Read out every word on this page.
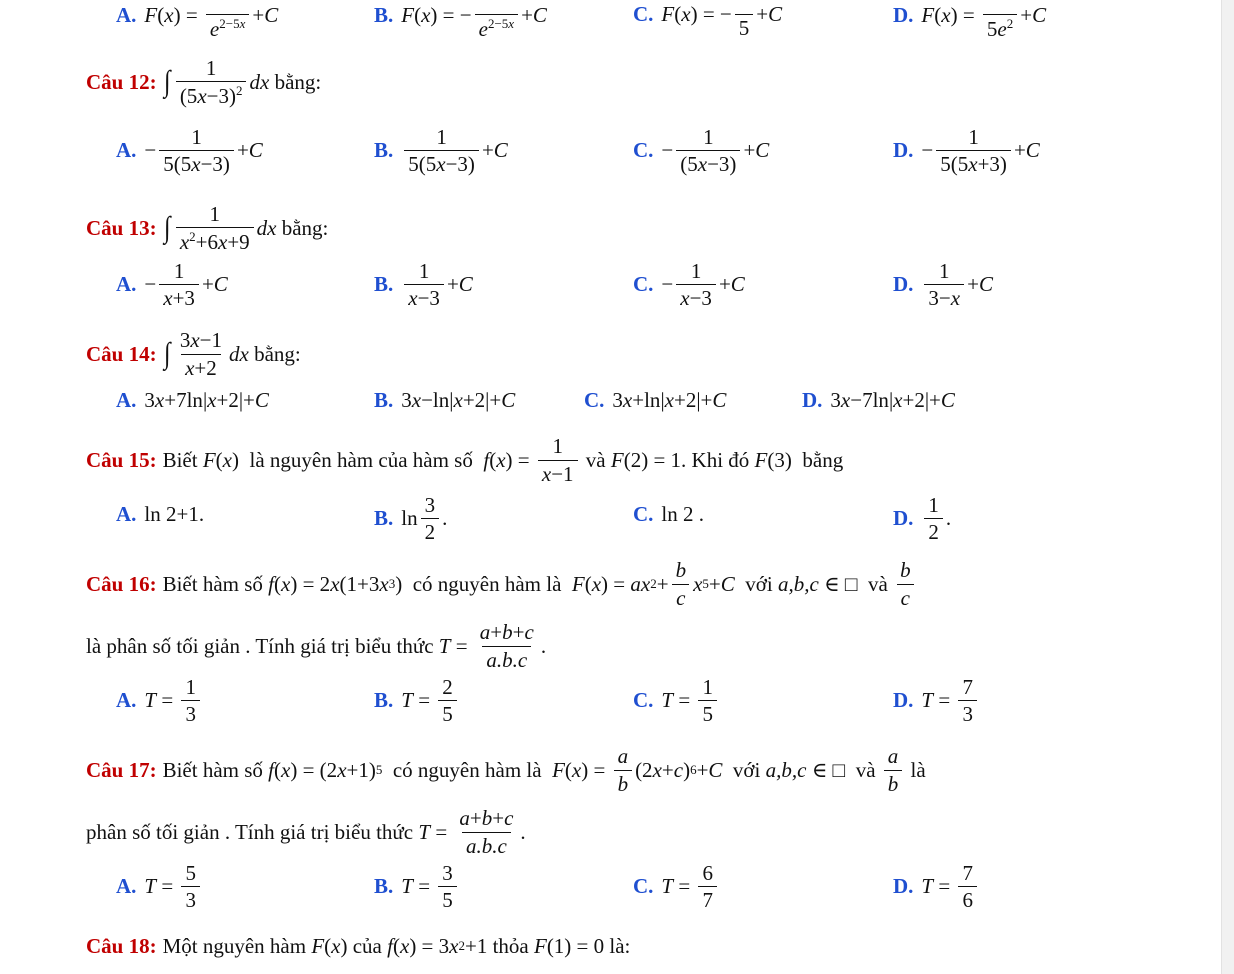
A. F ( x ) =

$e^{2-5x} + C$	B. F ( x ) = −

$e^{2-5x} + C$	C. F ( x ) = −

5
+ C	D. F ( x ) =

$5e^2 + C$
Câu 12: ∫ 1
$(5x-3)^2$ dx
bằng:
A. − $\frac{1}{5(5x-3)} + C$	B.
1
5(5x−3)
+ C	C. − $\frac{1}{(5x-3)} + C$	D. − $\frac{1}{5(5x+3)} + C$
Câu 13: ∫ 1
$x^2+6x+9$
dx
bằng:
A. − $\frac{1}{x+3} + C$	B.
1
x−3
+ C	C. − $\frac{1}{x-3} + C$	D.
1
3−x
+ C
Câu 14: ∫ 3x−1
x+2
dx
bằng:
A. 3 x +7ln | x +2|+ C	B. 3 x −ln | x +2|+ C	C. 3 x +ln | x +2|+ C	D. 3 x −7ln | x +2|+ C
Câu 15: Biết
F ( x )
là nguyên hàm của hàm số
f ( x ) = $\frac{1}{x-1}$
và
F (2) = 1 . Khi đó
F (3)
bằng
A. ln 2+1.	B. ln
3
2
.	C. ln 2 .	D.
1
2
.
Câu 16: Biết hàm số
f ( x ) = 2 x (1+3 x 3 )
có nguyên hàm là
F ( x ) = ax $2 + \frac{b}{c}$ x 5 + C
với
a,b,c ∈ □
và

b
c
là phân số tối giản . Tính giá trị biểu thức
$T = \frac{a+b+c}{a.b.c}$ .
A. $T = \frac{1}{3}$	B. $T = \frac{2}{5}$	C. $T = \frac{1}{5}$	D. $T = \frac{7}{3}$
Câu 17: Biết hàm số
f ( x ) = (2 x +1) 5
có nguyên hàm là
F ( x ) = $\frac{a}{b} (2$ x + c ) 6 + C
với
a,b,c ∈ □
và

a
b

là
phân số tối giản . Tính giá trị biểu thức
$T = \frac{a+b+c}{a.b.c}$ .
A. $T = \frac{5}{3}$	B. $T = \frac{3}{5}$	C. $T = \frac{6}{7}$	D. $T = \frac{7}{6}$
Câu 18: Một nguyên hàm
F ( x )
của
f ( x ) = 3 x 2 +1
thỏa
F (1) = 0
là:
